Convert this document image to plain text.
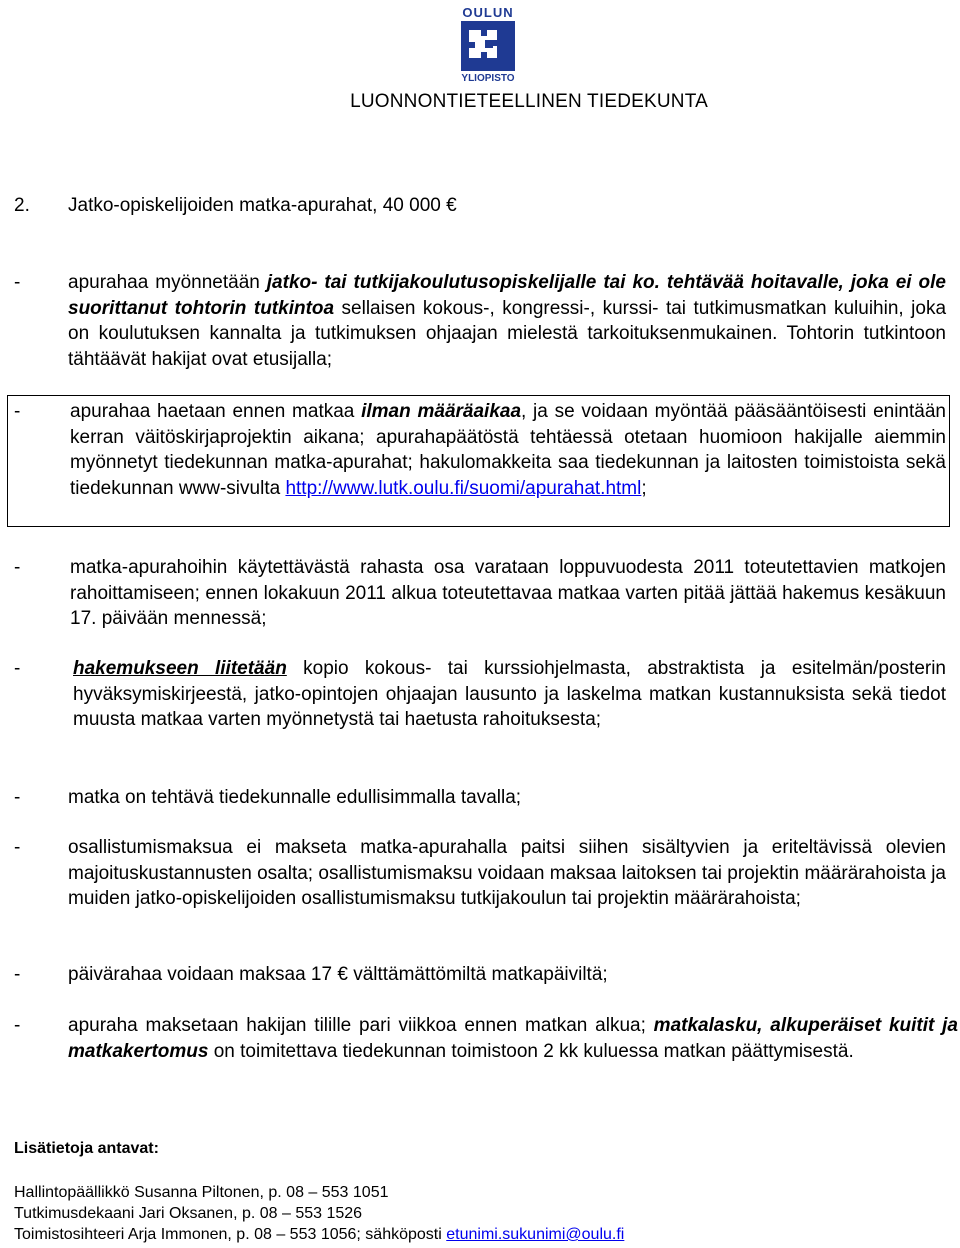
OULUN
YLIOPISTO
LUONNONTIETEELLINEN TIEDEKUNTA
2. Jatko-opiskelijoiden matka-apurahat, 40 000 €
-	apurahaa myönnetään jatko- tai tutkijakoulutusopiskelijalle tai ko. tehtävää hoitavalle, joka ei ole suorittanut tohtorin tutkintoa sellaisen kokous-, kongressi-, kurssi- tai tutkimusmatkan kuluihin, joka on koulutuksen kannalta ja tutkimuksen ohjaajan mielestä tarkoituksenmukainen. Tohtorin tutkintoon tähtäävät hakijat ovat etusijalla;
-	apurahaa haetaan ennen matkaa ilman määräaikaa, ja se voidaan myöntää pääsääntöisesti enintään kerran väitöskirjaprojektin aikana; apurahapäätöstä tehtäessä otetaan huomioon hakijalle aiemmin myönnetyt tiedekunnan matka-apurahat; hakulomakkeita saa tiedekunnan ja laitosten toimistoista sekä tiedekunnan www-sivulta http://www.lutk.oulu.fi/suomi/apurahat.html;
-	matka-apurahoihin käytettävästä rahasta osa varataan loppuvuodesta 2011 toteutettavien matkojen rahoittamiseen; ennen lokakuun 2011 alkua toteutettavaa matkaa varten pitää jättää hakemus kesäkuun 17. päivään mennessä;
-	hakemukseen liitetään kopio kokous- tai kurssiohjelmasta, abstraktista ja esitelmän/posterin hyväksymiskirjeestä, jatko-opintojen ohjaajan lausunto ja laskelma matkan kustannuksista sekä tiedot muusta matkaa varten myönnetystä tai haetusta rahoituksesta;
-	matka on tehtävä tiedekunnalle edullisimmalla tavalla;
-	osallistumismaksua ei makseta matka-apurahalla paitsi siihen sisältyvien ja eriteltävissä olevien majoituskustannusten osalta; osallistumismaksu voidaan maksaa laitoksen tai projektin määrärahoista ja muiden jatko-opiskelijoiden osallistumismaksu tutkijakoulun tai projektin määrärahoista;
-	päivärahaa voidaan maksaa 17 € välttämättömiltä matkapäiviltä;
-	apuraha maksetaan hakijan tilille pari viikkoa ennen matkan alkua; matkalasku, alkuperäiset kuitit ja matkakertomus on toimitettava tiedekunnan toimistoon 2 kk kuluessa matkan päättymisestä.
Lisätietoja antavat:
Hallintopäällikkö Susanna Piltonen, p. 08 – 553 1051
Tutkimusdekaani Jari Oksanen, p. 08 – 553 1526
Toimistosihteeri Arja Immonen, p. 08 – 553 1056; sähköposti etunimi.sukunimi@oulu.fi
